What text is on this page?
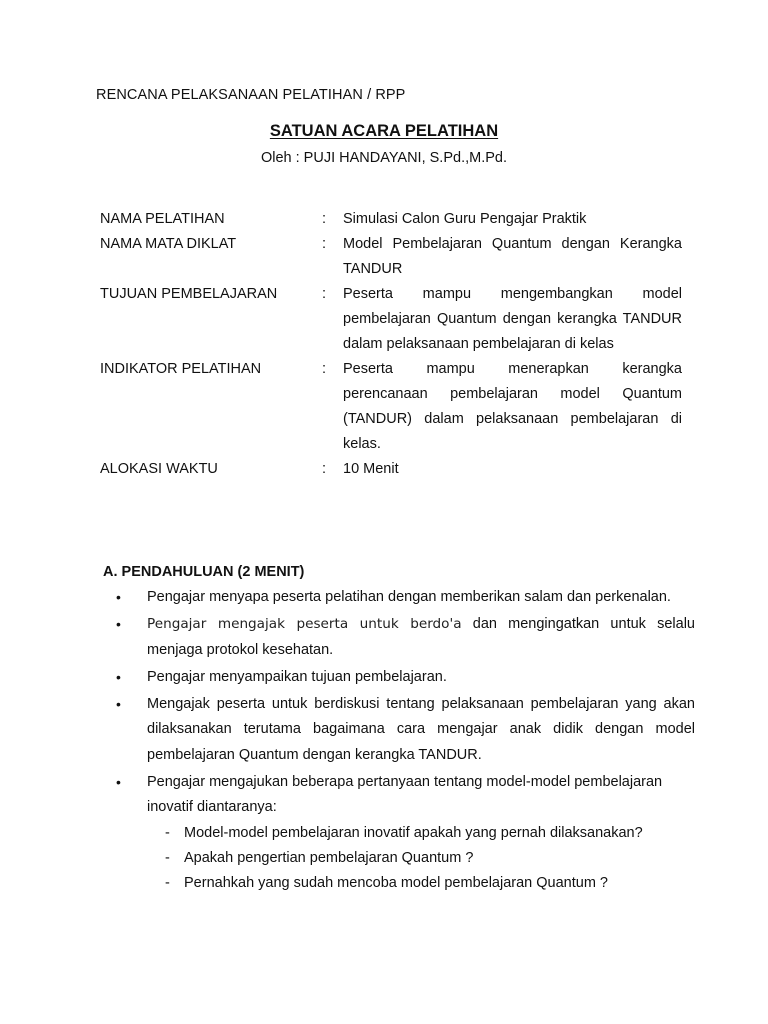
RENCANA PELAKSANAAN PELATIHAN / RPP
SATUAN ACARA PELATIHAN
Oleh : PUJI HANDAYANI, S.Pd.,M.Pd.
NAMA PELATIHAN	:	Simulasi Calon Guru Pengajar Praktik
NAMA MATA DIKLAT	:	Model Pembelajaran Quantum dengan Kerangka TANDUR
TUJUAN PEMBELAJARAN	:	Peserta mampu mengembangkan model pembelajaran Quantum dengan kerangka TANDUR dalam pelaksanaan pembelajaran di kelas
INDIKATOR PELATIHAN	:	Peserta mampu menerapkan kerangka perencanaan pembelajaran model Quantum (TANDUR) dalam pelaksanaan pembelajaran di kelas.
ALOKASI WAKTU	:	10 Menit
A. PENDAHULUAN (2 MENIT)
• Pengajar menyapa peserta pelatihan dengan memberikan salam dan perkenalan.
• Pengajar mengajak peserta untuk berdo'a dan mengingatkan untuk selalu menjaga protokol kesehatan.
• Pengajar menyampaikan tujuan pembelajaran.
• Mengajak peserta untuk berdiskusi tentang pelaksanaan pembelajaran yang akan dilaksanakan terutama bagaimana cara mengajar anak didik dengan model pembelajaran Quantum dengan kerangka TANDUR.
• Pengajar mengajukan beberapa pertanyaan tentang model-model pembelajaran inovatif diantaranya:
- Model-model pembelajaran inovatif apakah yang pernah dilaksanakan?
- Apakah pengertian pembelajaran Quantum ?
- Pernahkah yang sudah mencoba model pembelajaran Quantum ?
